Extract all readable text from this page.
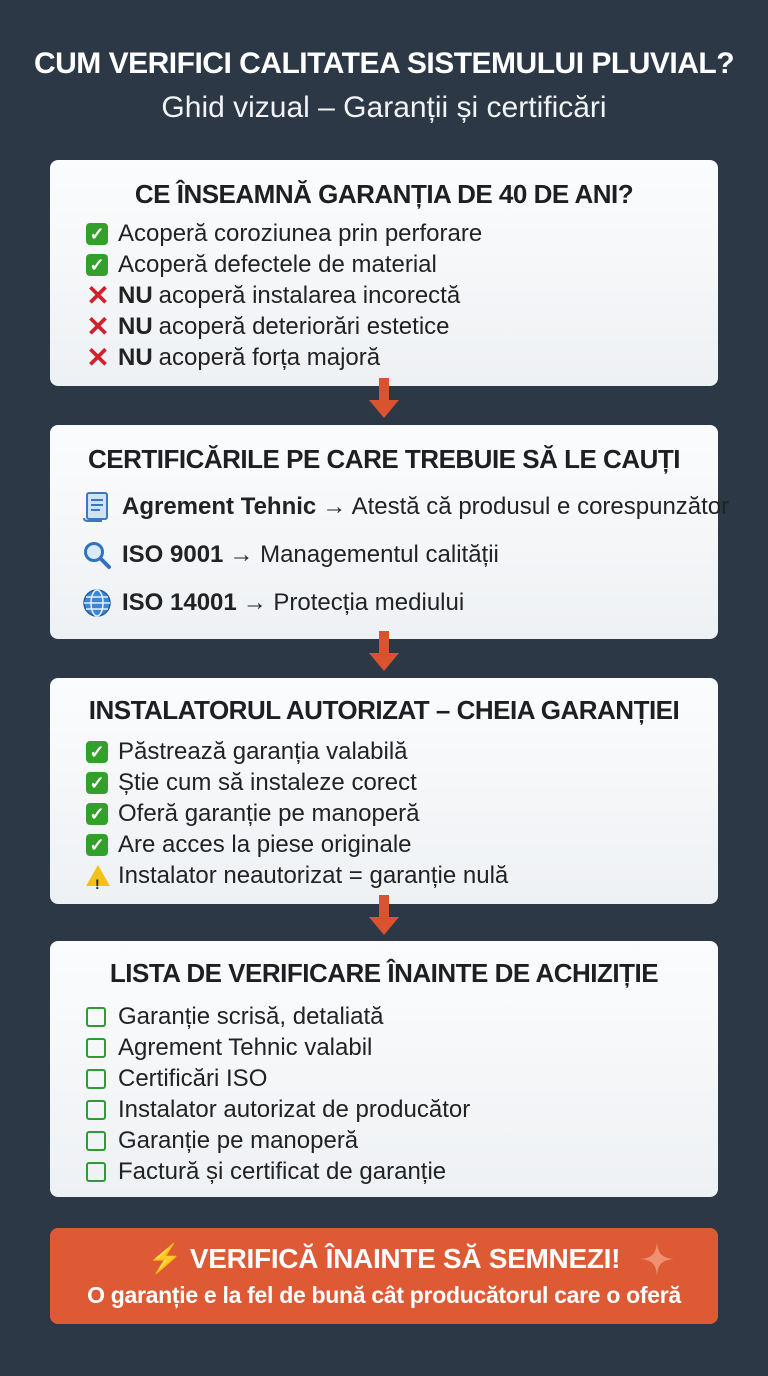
CUM VERIFICI CALITATEA SISTEMULUI PLUVIAL?
Ghid vizual – Garanții și certificări
CE ÎNSEAMNĂ GARANȚIA DE 40 DE ANI?
✓ Acoperă coroziunea prin perforare
✓ Acoperă defectele de material
✕ NU acoperă instalarea incorectă
✕ NU acoperă deteriorări estetice
✕ NU acoperă forța majoră
CERTIFICĂRILE PE CARE TREBUIE SĂ LE CAUȚI
Agrement Tehnic → Atestă că produsul e corespunzător
ISO 9001 → Managementul calității
ISO 14001 → Protecția mediului
INSTALATORUL AUTORIZAT – CHEIA GARANȚIEI
✓ Păstrează garanția valabilă
✓ Știe cum să instaleze corect
✓ Oferă garanție pe manoperă
✓ Are acces la piese originale
! Instalator neautorizat = garanție nulă
LISTA DE VERIFICARE ÎNAINTE DE ACHIZIȚIE
Garanție scrisă, detaliată
Agrement Tehnic valabil
Certificări ISO
Instalator autorizat de producător
Garanție pe manoperă
Factură și certificat de garanție
⚡ VERIFICĂ ÎNAINTE SĂ SEMNEZI!
O garanție e la fel de bună cât producătorul care o oferă
